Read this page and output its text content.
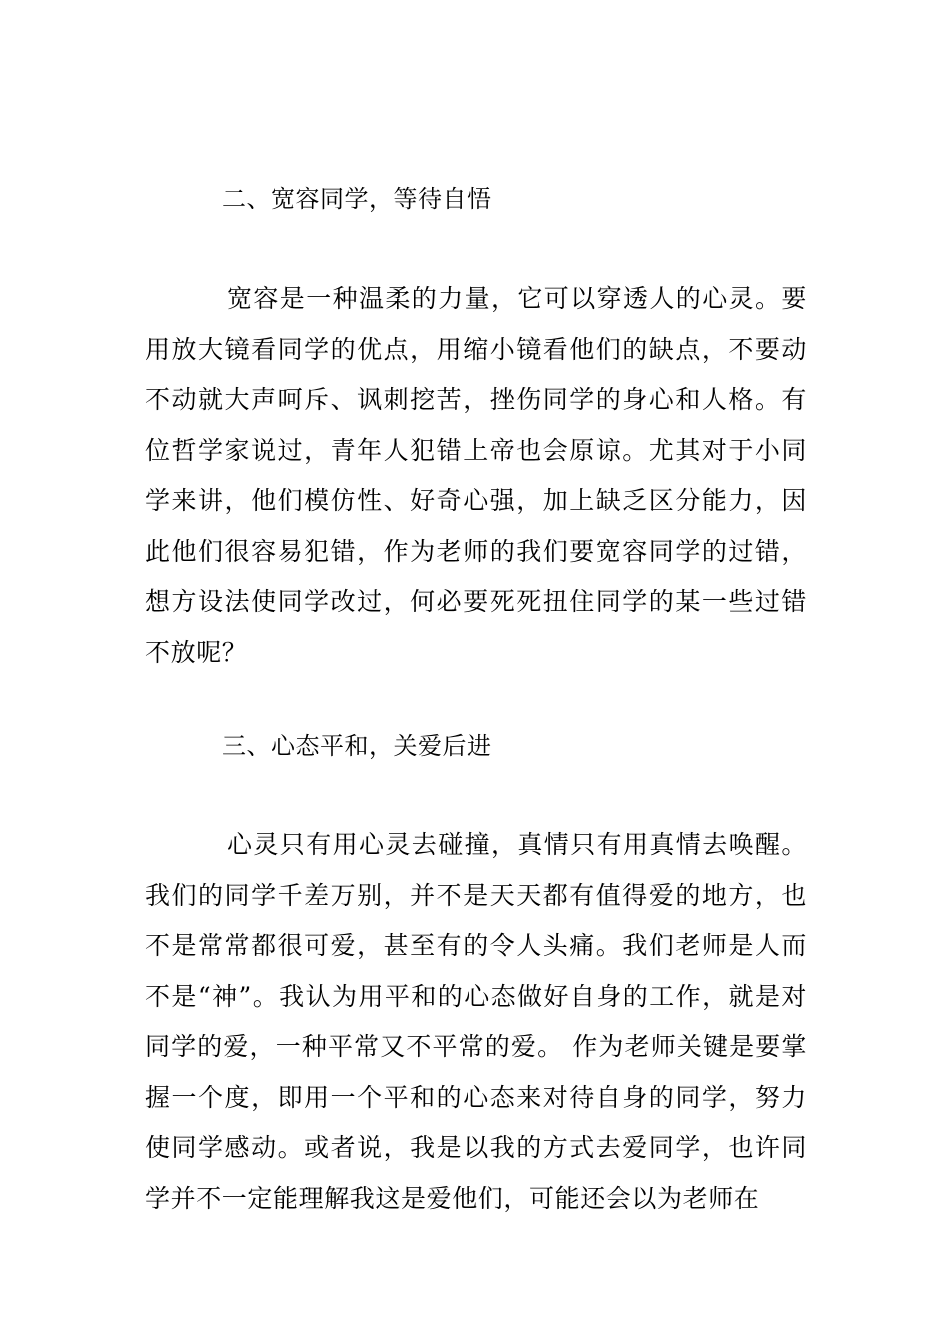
二、宽容同学，等待自悟
宽容是一种温柔的力量，它可以穿透人的心灵。要用放大镜看同学的优点，用缩小镜看他们的缺点，不要动不动就大声呵斥、讽刺挖苦，挫伤同学的身心和人格。有位哲学家说过，青年人犯错上帝也会原谅。尤其对于小同学来讲，他们模仿性、好奇心强，加上缺乏区分能力，因此他们很容易犯错，作为老师的我们要宽容同学的过错，想方设法使同学改过，何必要死死扭住同学的某一些过错不放呢？
三、心态平和，关爱后进
心灵只有用心灵去碰撞，真情只有用真情去唤醒。我们的同学千差万别，并不是天天都有值得爱的地方，也不是常常都很可爱，甚至有的令人头痛。我们老师是人而不是“神”。我认为用平和的心态做好自身的工作，就是对同学的爱，一种平常又不平常的爱。 作为老师关键是要掌握一个度，即用一个平和的心态来对待自身的同学，努力使同学感动。或者说，我是以我的方式去爱同学，也许同学并不一定能理解我这是爱他们，可能还会以为老师在
